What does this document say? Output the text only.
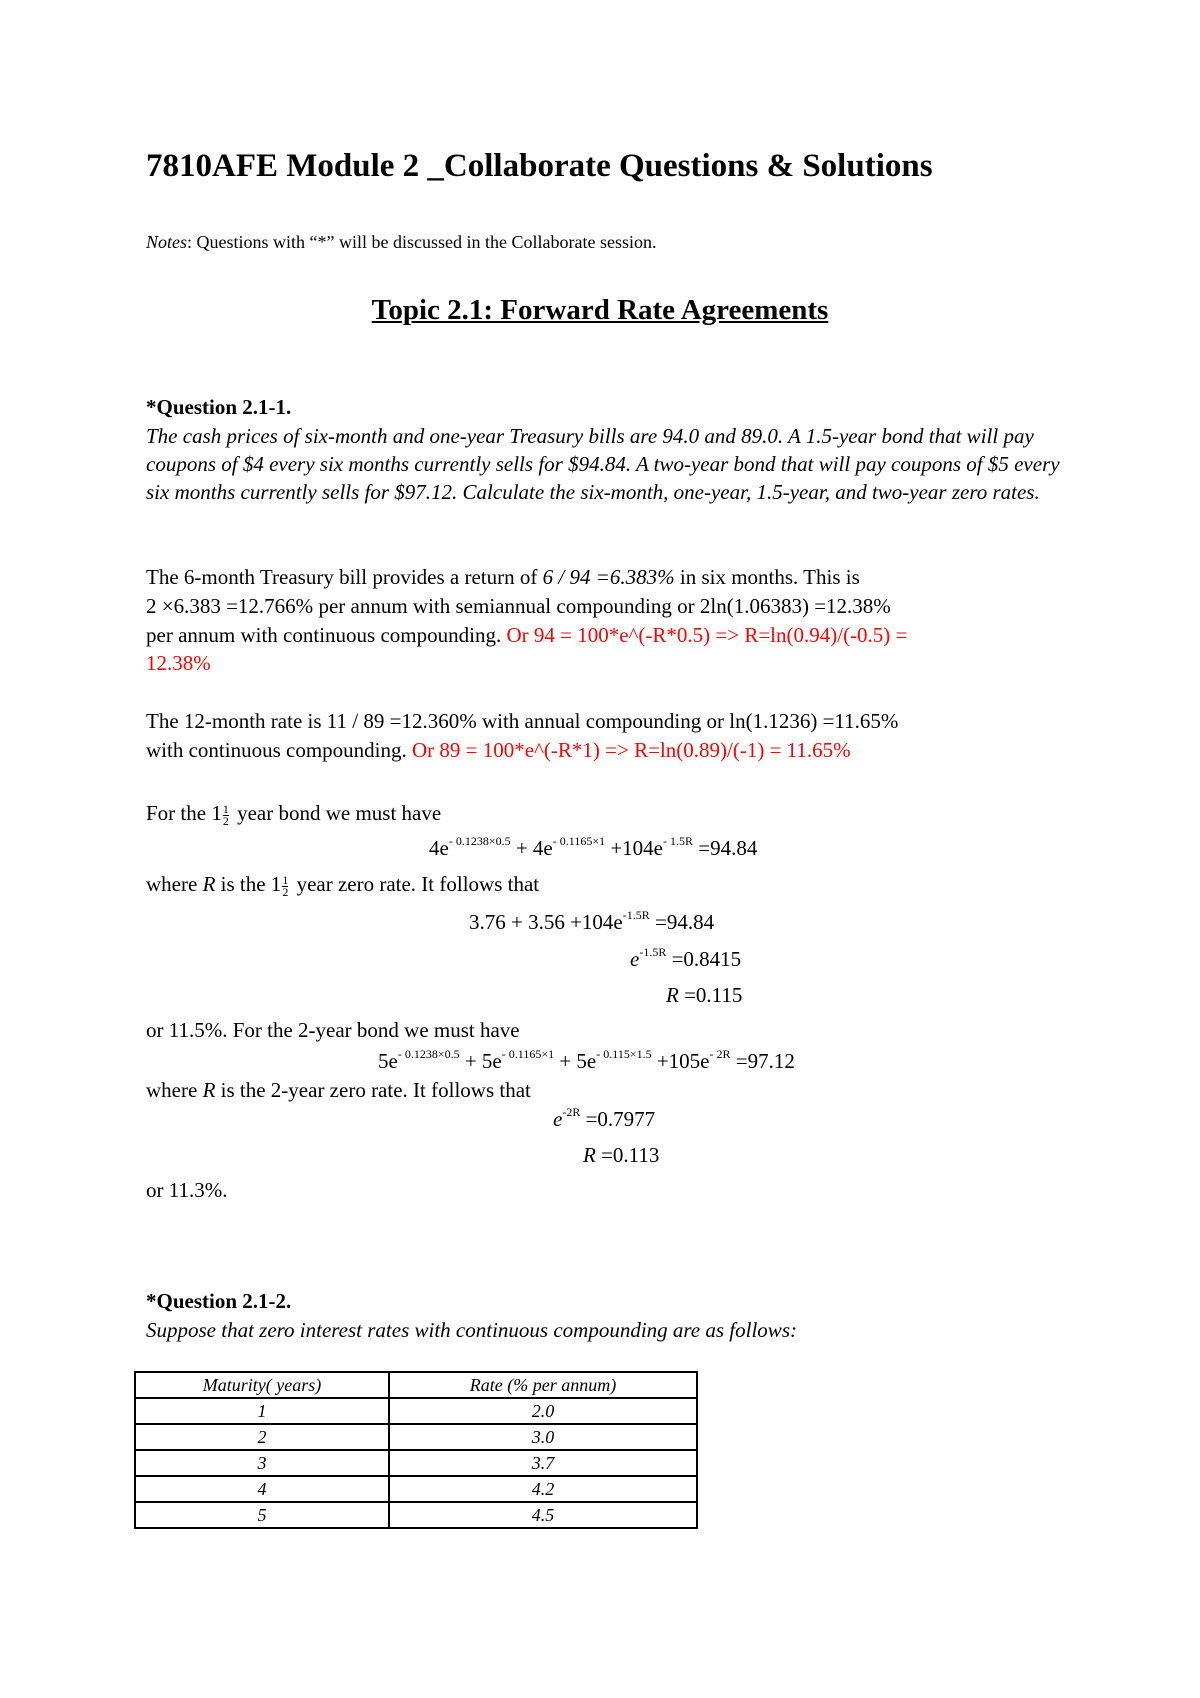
7810AFE Module 2 _Collaborate Questions & Solutions
Notes: Questions with “*” will be discussed in the Collaborate session.
Topic 2.1: Forward Rate Agreements
*Question 2.1-1.
The cash prices of six-month and one-year Treasury bills are 94.0 and 89.0. A 1.5-year bond that will pay coupons of $4 every six months currently sells for $94.84. A two-year bond that will pay coupons of $5 every six months currently sells for $97.12. Calculate the six-month, one-year, 1.5-year, and two-year zero rates.
The 6-month Treasury bill provides a return of 6 / 94 =6.383% in six months. This is
2 ×6.383 =12.766% per annum with semiannual compounding or 2ln(1.06383) =12.38%
per annum with continuous compounding. Or 94 = 100*e^(-R*0.5) => R=ln(0.94)/(-0.5) =
12.38%
The 12-month rate is 11 / 89 =12.360% with annual compounding or ln(1.1236) =11.65%
with continuous compounding. Or 89 = 100*e^(-R*1) => R=ln(0.89)/(-1) = 11.65%
For the $1 \frac{1}{2}$ year bond we must have
$4e^{- 0.1238\times 0.5} + 4e^{- 0.1165\times 1} +104e^{- 1.5R} =94.84$
where R is the $1 \frac{1}{2}$ year zero rate. It follows that
$3.76 + 3.56 +104e^{-1.5R} =94.84$
$e^{-1.5R} =0.8415$
R =0.115
or 11.5%. For the 2-year bond we must have
$5e^{- 0.1238\times 0.5} + 5e^{- 0.1165\times 1} + 5e^{- 0.115\times 1.5} +105e^{- 2R} =97.12$
where R is the 2-year zero rate. It follows that
$e^{-2R} =0.7977$
R =0.113
or 11.3%.
*Question 2.1-2.
Suppose that zero interest rates with continuous compounding are as follows:
Maturity( years)	Rate (% per annum)
1	2.0
2	3.0
3	3.7
4	4.2
5	4.5
